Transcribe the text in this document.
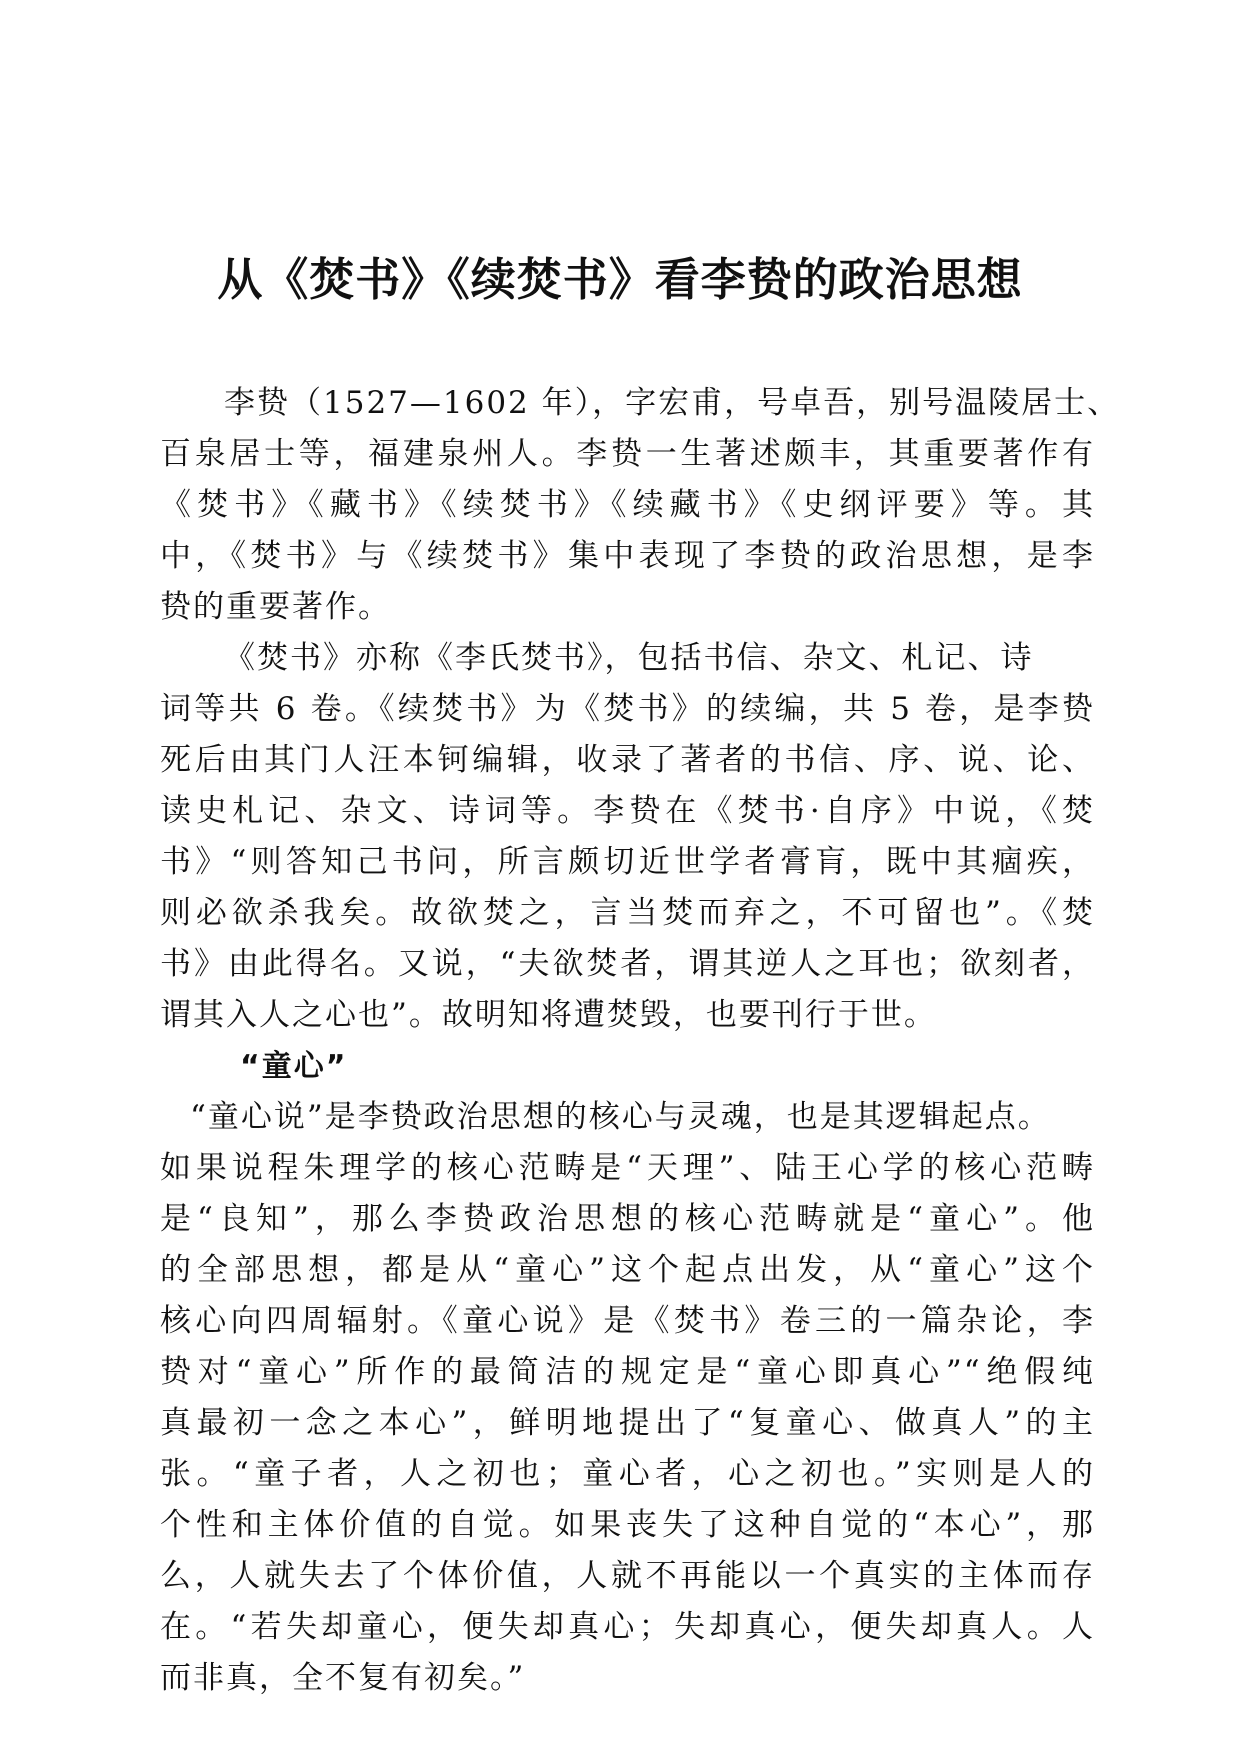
从《焚书》《续焚书》看李贽的政治思想
李贽（1527—1602 年），字宏甫，号卓吾，别号温陵居士、
百泉居士等，福建泉州人。李贽一生著述颇丰，其重要著作有
《焚书》《藏书》《续焚书》《续藏书》《史纲评要》等。其
中，《焚书》与《续焚书》集中表现了李贽的政治思想，是李
贽的重要著作。
《焚书》亦称《李氏焚书》，包括书信、杂文、札记、诗
词等共 6 卷。《续焚书》为《焚书》的续编，共 5 卷，是李贽
死后由其门人汪本钶编辑，收录了著者的书信、序、说、论、
读史札记、杂文、诗词等。李贽在《焚书·自序》中说，《焚
书》“则答知己书问，所言颇切近世学者膏肓，既中其痼疾，
则必欲杀我矣。故欲焚之，言当焚而弃之，不可留也”。《焚
书》由此得名。又说，“夫欲焚者，谓其逆人之耳也；欲刻者，
谓其入人之心也”。故明知将遭焚毁，也要刊行于世。
“童心”
“童心说”是李贽政治思想的核心与灵魂，也是其逻辑起点。
如果说程朱理学的核心范畴是“天理”、陆王心学的核心范畴
是“良知”，那么李贽政治思想的核心范畴就是“童心”。他
的全部思想，都是从“童心”这个起点出发，从“童心”这个
核心向四周辐射。《童心说》是《焚书》卷三的一篇杂论，李
贽对“童心”所作的最简洁的规定是“童心即真心”“绝假纯
真最初一念之本心”，鲜明地提出了“复童心、做真人”的主
张。“童子者，人之初也；童心者，心之初也。”实则是人的
个性和主体价值的自觉。如果丧失了这种自觉的“本心”，那
么，人就失去了个体价值，人就不再能以一个真实的主体而存
在。“若失却童心，便失却真心；失却真心，便失却真人。人
而非真，全不复有初矣。”
